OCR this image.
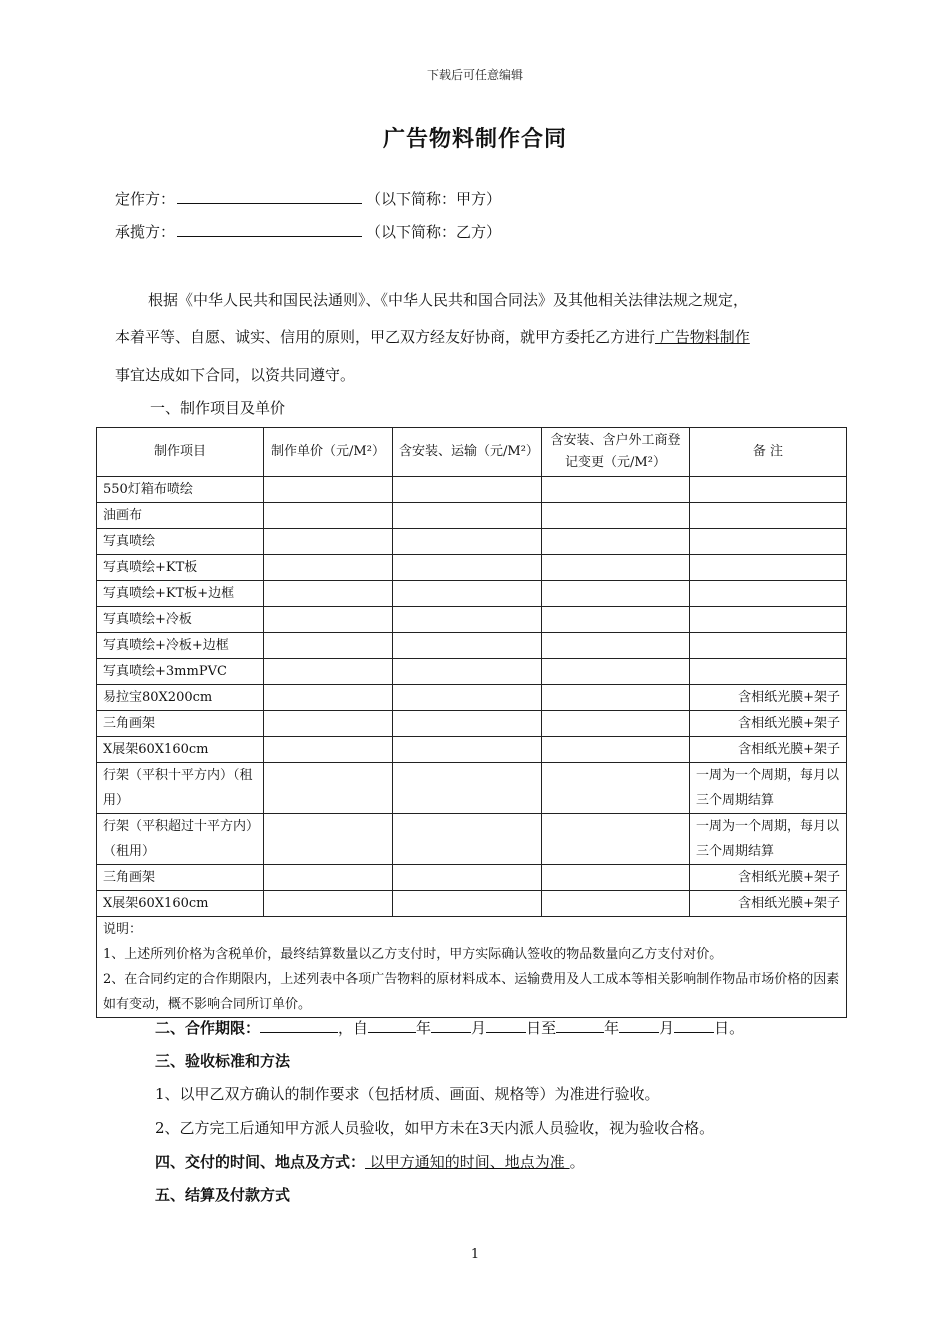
下载后可任意编辑
广告物料制作合同
定作方：	（以下简称：甲方）
承揽方：	（以下简称：乙方）
根据《中华人民共和国民法通则》、《中华人民共和国合同法》及其他相关法律法规之规定，
本着平等、自愿、诚实、信用的原则，甲乙双方经友好协商，就甲方委托乙方进行 广告物料制作
事宜达成如下合同，以资共同遵守。
一、制作项目及单价
制作项目	制作单价（元/M²）	含安装、运输（元/M²）	含安装、含户外工商登记变更（元/M²）	备 注
550灯箱布喷绘				
油画布				
写真喷绘				
写真喷绘+KT板				
写真喷绘+KT板+边框				
写真喷绘+冷板				
写真喷绘+冷板+边框				
写真喷绘+3mmPVC				
易拉宝80X200cm				含相纸光膜+架子
三角画架				含相纸光膜+架子
X展架60X160cm				含相纸光膜+架子
行架（平积十平方内）（租用）				一周为一个周期，每月以三个周期结算
行架（平积超过十平方内）（租用）				一周为一个周期，每月以三个周期结算
三角画架				含相纸光膜+架子
X展架60X160cm				含相纸光膜+架子

说明：
1、上述所列价格为含税单价，最终结算数量以乙方支付时，甲方实际确认签收的物品数量向乙方支付对价。
2、在合同约定的合作期限内，上述列表中各项广告物料的原材料成本、运输费用及人工成本等相关影响制作物品市场价格的因素如有变动，概不影响合同所订单价。				
二、合作期限：	，自	年	月	日至	年	月	日。
三、验收标准和方法
1、以甲乙双方确认的制作要求（包括材质、画面、规格等）为准进行验收。
2、乙方完工后通知甲方派人员验收，如甲方未在3天内派人员验收，视为验收合格。
四、交付的时间、地点及方式： 以甲方通知的时间、地点为准 。
五、结算及付款方式
1
